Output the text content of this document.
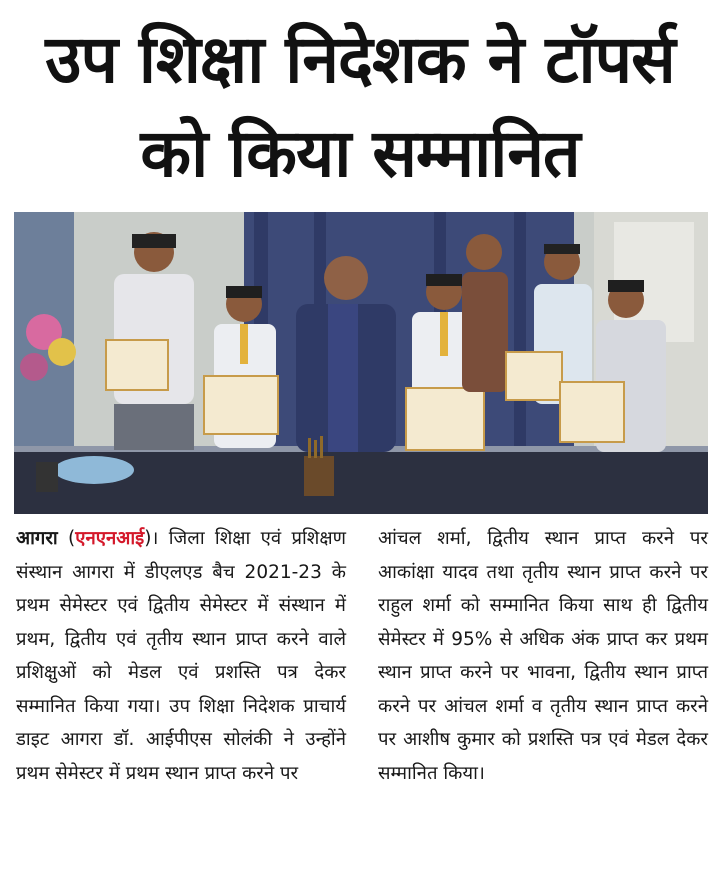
उप शिक्षा निदेशक ने टॉपर्स
को किया सम्मानित
आगरा (एनएनआई)। जिला शिक्षा एवं प्रशिक्षण संस्थान आगरा में डीएलएड बैच 2021-23 के प्रथम सेमेस्टर एवं द्वितीय सेमेस्टर में संस्थान में प्रथम, द्वितीय एवं तृतीय स्थान प्राप्त करने वाले प्रशिक्षुओं को मेडल एवं प्रशस्ति पत्र देकर सम्मानित किया गया। उप शिक्षा निदेशक प्राचार्य डाइट आगरा डॉ. आईपीएस सोलंकी ने उन्होंने प्रथम सेमेस्टर में प्रथम स्थान प्राप्त करने पर
आंचल शर्मा, द्वितीय स्थान प्राप्त करने पर आकांक्षा यादव तथा तृतीय स्थान प्राप्त करने पर राहुल शर्मा को सम्मानित किया साथ ही द्वितीय सेमेस्टर में 95% से अधिक अंक प्राप्त कर प्रथम स्थान प्राप्त करने पर भावना, द्वितीय स्थान प्राप्त करने पर आंचल शर्मा व तृतीय स्थान प्राप्त करने पर आशीष कुमार को प्रशस्ति पत्र एवं मेडल देकर सम्मानित किया।
